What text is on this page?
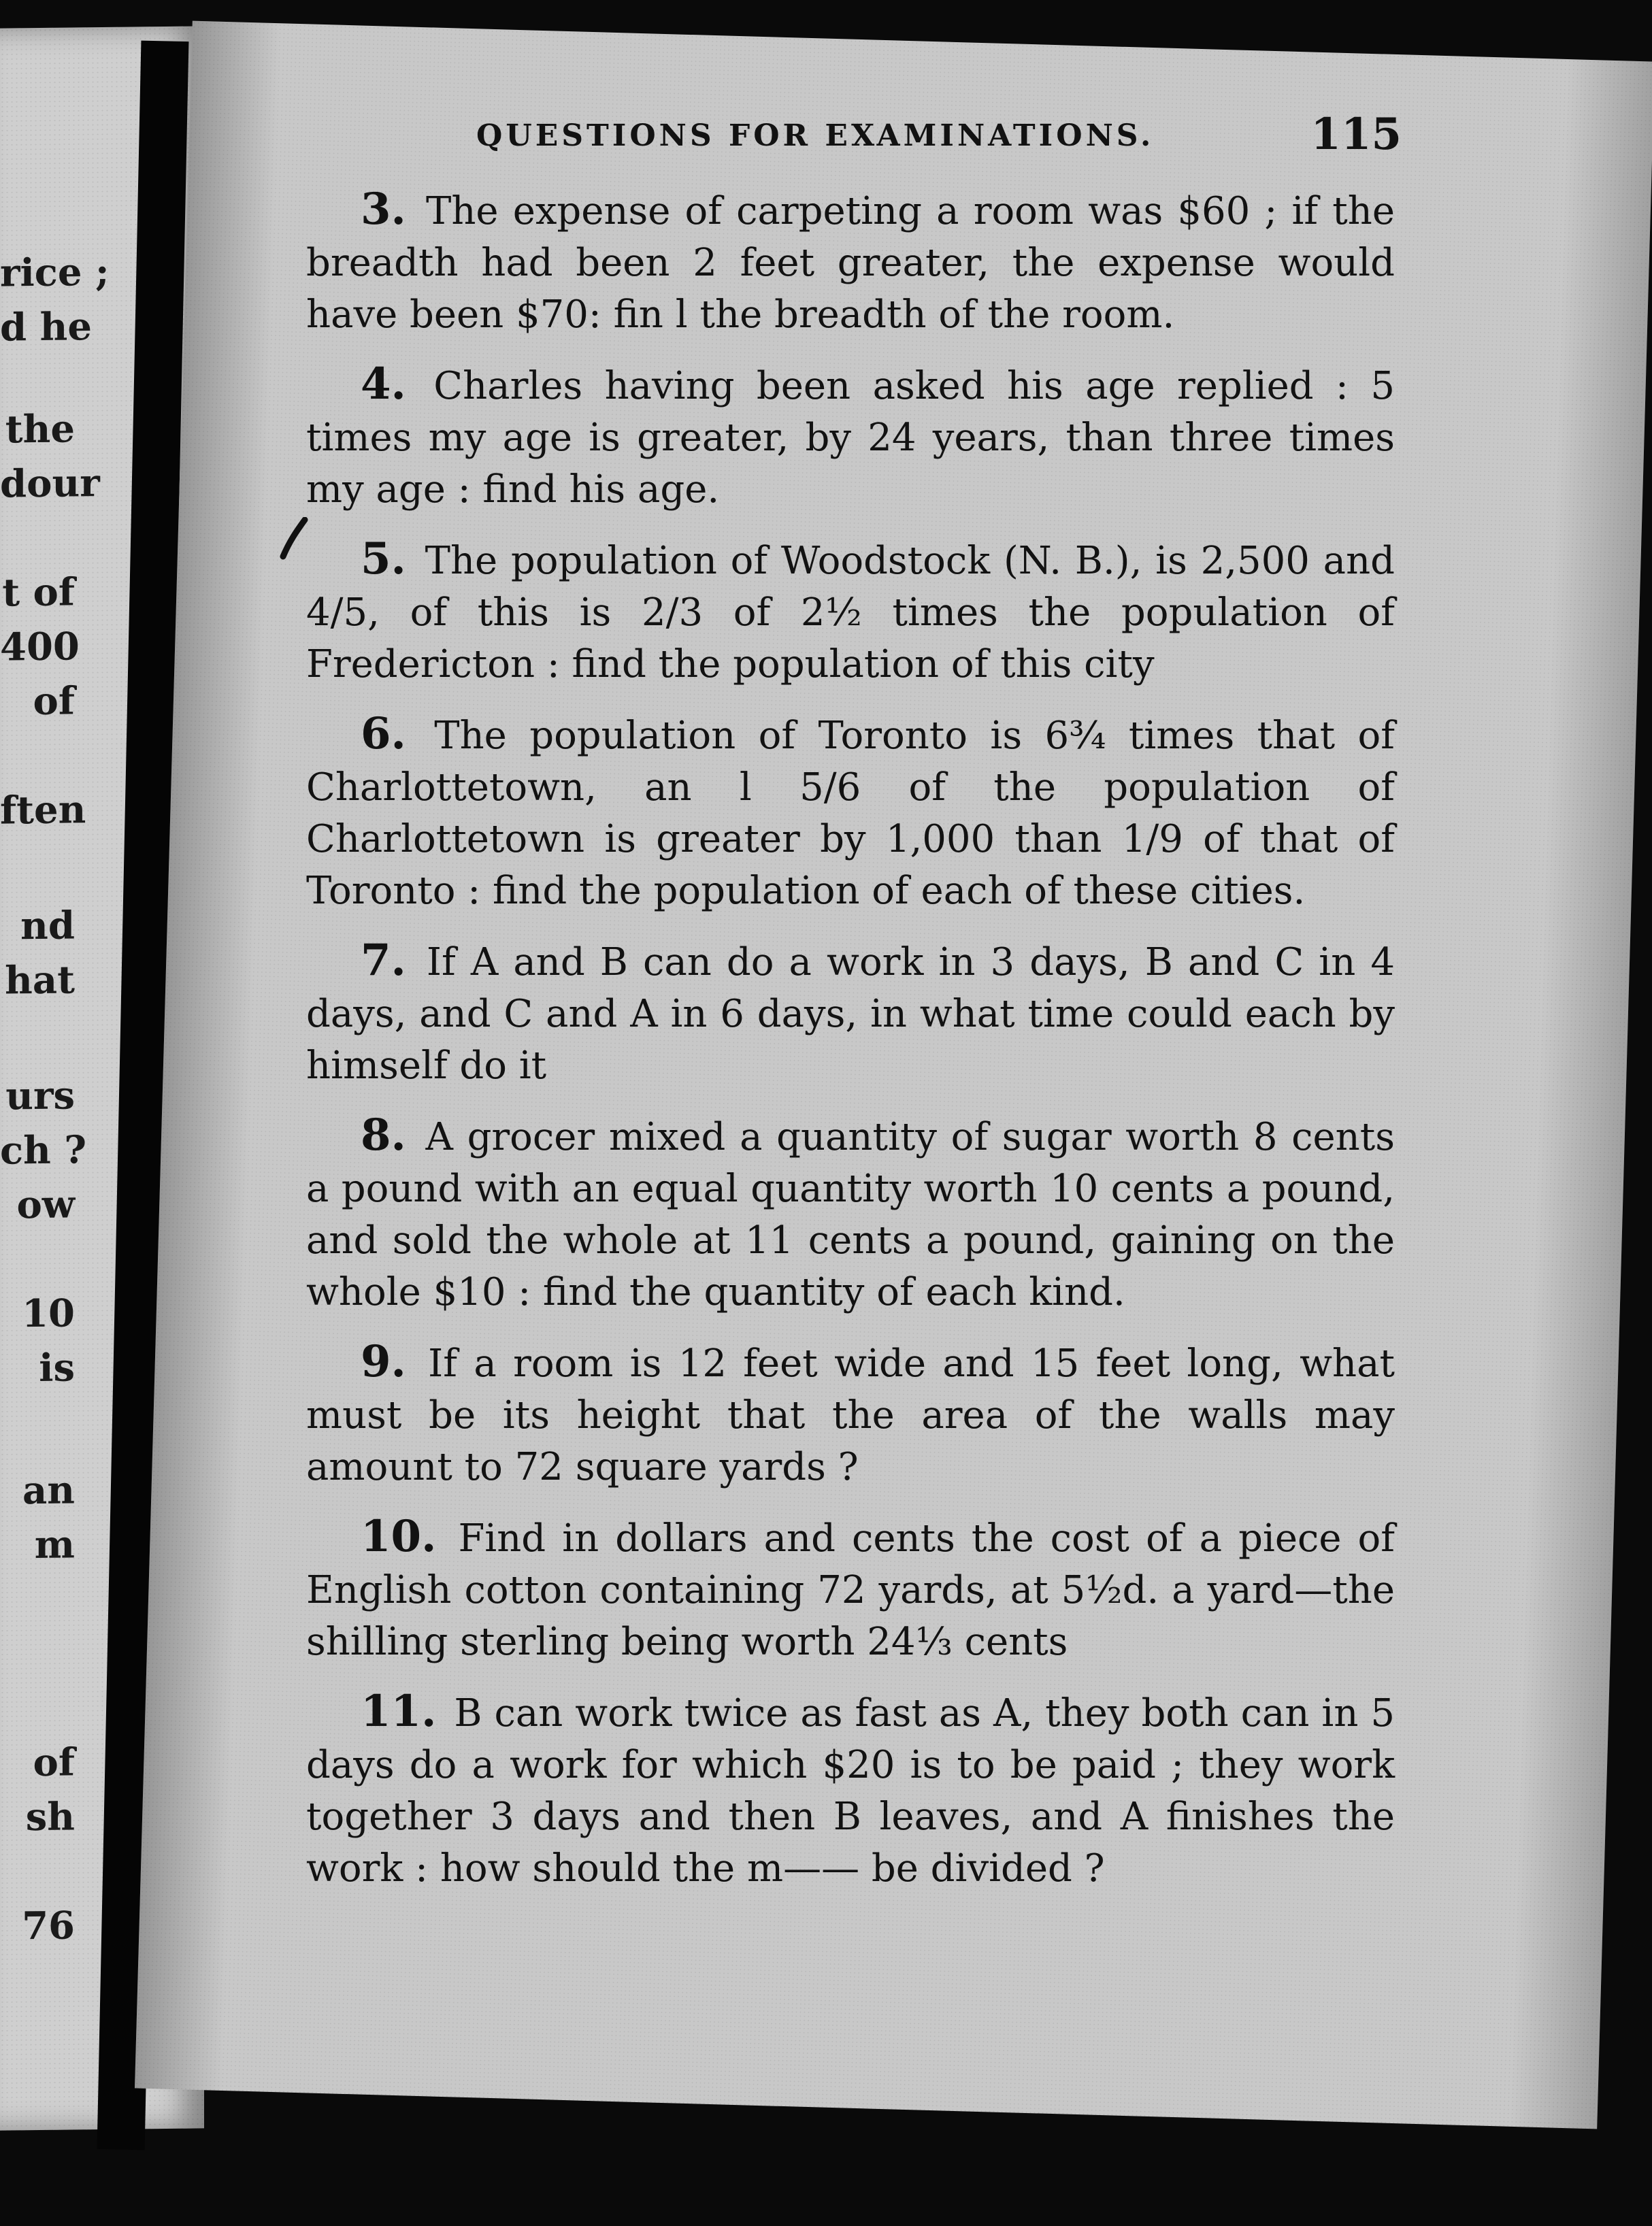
rice ;
d he
the
dour
t of
400
of
ften
nd
hat
urs
ch ?
ow
10
is
an
m
of
sh
76
QUESTIONS FOR EXAMINATIONS.	115

3. The expense of carpeting a room was $60 ; if the breadth had been 2 feet greater, the expense would have been $70: fin l the breadth of the room.

4. Charles having been asked his age replied : 5 times my age is greater, by 24 years, than three times my age : find his age.

5. The population of Woodstock (N. B.), is 2,500 and 4/5, of this is 2/3 of 2½ times the population of Fredericton : find the population of this city

6. The population of Toronto is 6¾ times that of Charlottetown, an l 5/6 of the population of Charlottetown is greater by 1,000 than 1/9 of that of Toronto : find the population of each of these cities.

7. If A and B can do a work in 3 days, B and C in 4 days, and C and A in 6 days, in what time could each by himself do it

8. A grocer mixed a quantity of sugar worth 8 cents a pound with an equal quantity worth 10 cents a pound, and sold the whole at 11 cents a pound, gaining on the whole $10 : find the quantity of each kind.

9. If a room is 12 feet wide and 15 feet long, what must be its height that the area of the walls may amount to 72 square yards ?

10. Find in dollars and cents the cost of a piece of English cotton containing 72 yards, at 5½d. a yard—the shilling sterling being worth 24⅓ cents

11. B can work twice as fast as A, they both can in 5 days do a work for which $20 is to be paid ; they work together 3 days and then B leaves, and A finishes the work : how should the m—— be divided ?
